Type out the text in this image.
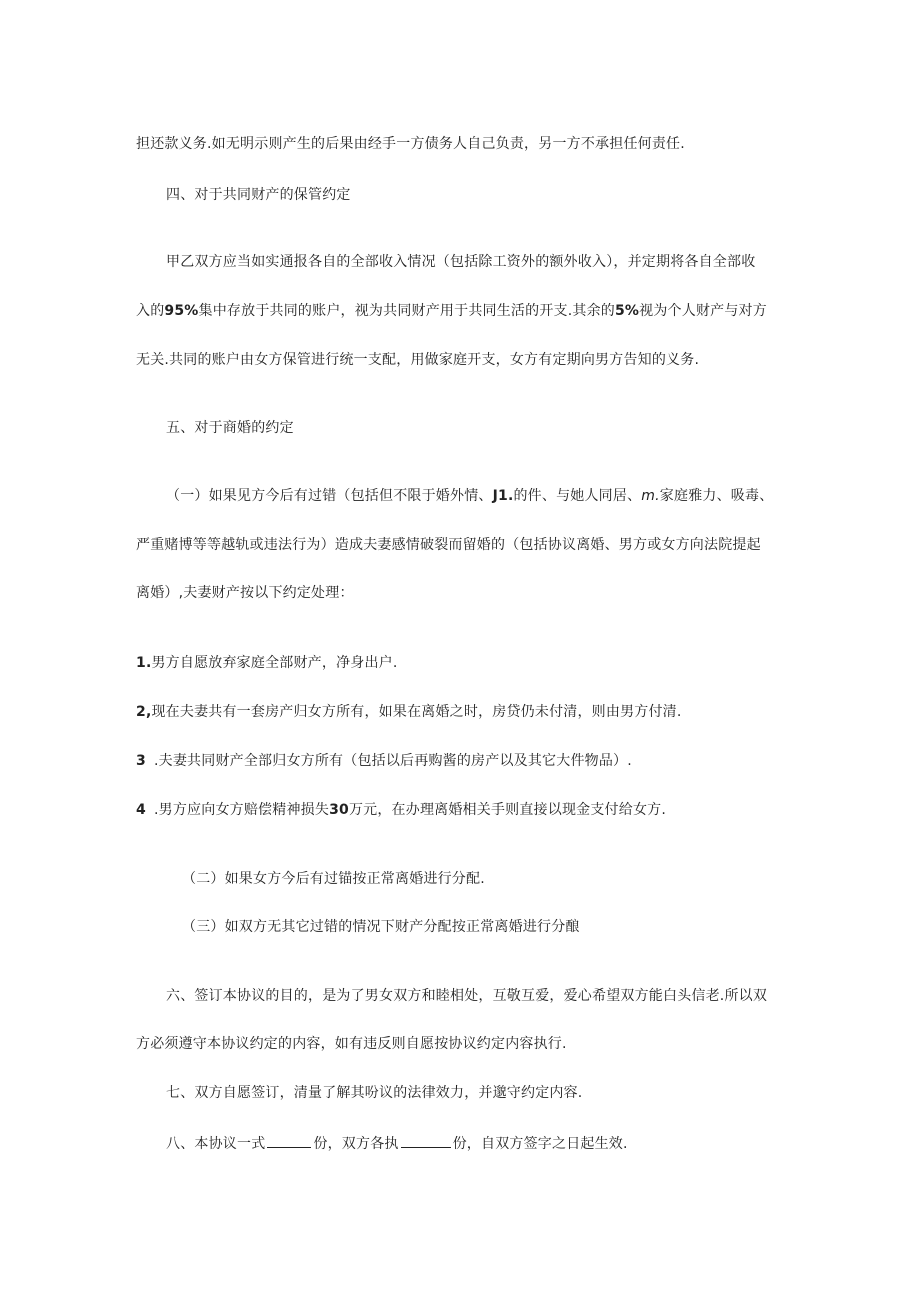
担还款义务.如无明示则产生的后果由经手一方债务人自己负责，另一方不承担任何责任.
四、对于共同财产的保管约定
甲乙双方应当如实通报各自的全部收入情况（包括除工资外的额外收入），并定期将各自全部收
入的95%集中存放于共同的账户，视为共同财产用于共同生活的开支.其余的5%视为个人财产与对方
无关.共同的账户由女方保管进行统一支配，用做家庭开支，女方有定期向男方告知的义务.
五、对于商婚的约定
（一）如果见方今后有过错（包括但不限于婚外情、J1.的件、与她人同居、m.家庭雅力、吸毒、
严重赌博等等越轨或违法行为）造成夫妻感情破裂而留婚的（包括协议离婚、男方或女方向法院提起
离婚）,夫妻财产按以下约定处理：
1.男方自愿放弃家庭全部财产，净身出户.
2,现在夫妻共有一套房产归女方所有，如果在离婚之时，房贷仍未付清，则由男方付清.
3 .夫妻共同财产全部归女方所有（包括以后再购酱的房产以及其它大件物品）.
4 .男方应向女方赔偿精神损失30万元，在办理离婚相关手则直接以现金支付给女方.
（二）如果女方今后有过锚按正常离婚进行分配.
（三）如双方无其它过错的情况下财产分配按正常离婚进行分酿
六、签订本协议的目的，是为了男女双方和睦相处，互敬互爱，爱心希望双方能白头信老.所以双
方必须遵守本协议约定的内容，如有违反则自愿按协议约定内容执行.
七、双方自愿签订，清量了解其吩议的法律效力，并邈守约定内容.
八、本协议一式	份，双方各执	份，自双方签字之日起生效.
